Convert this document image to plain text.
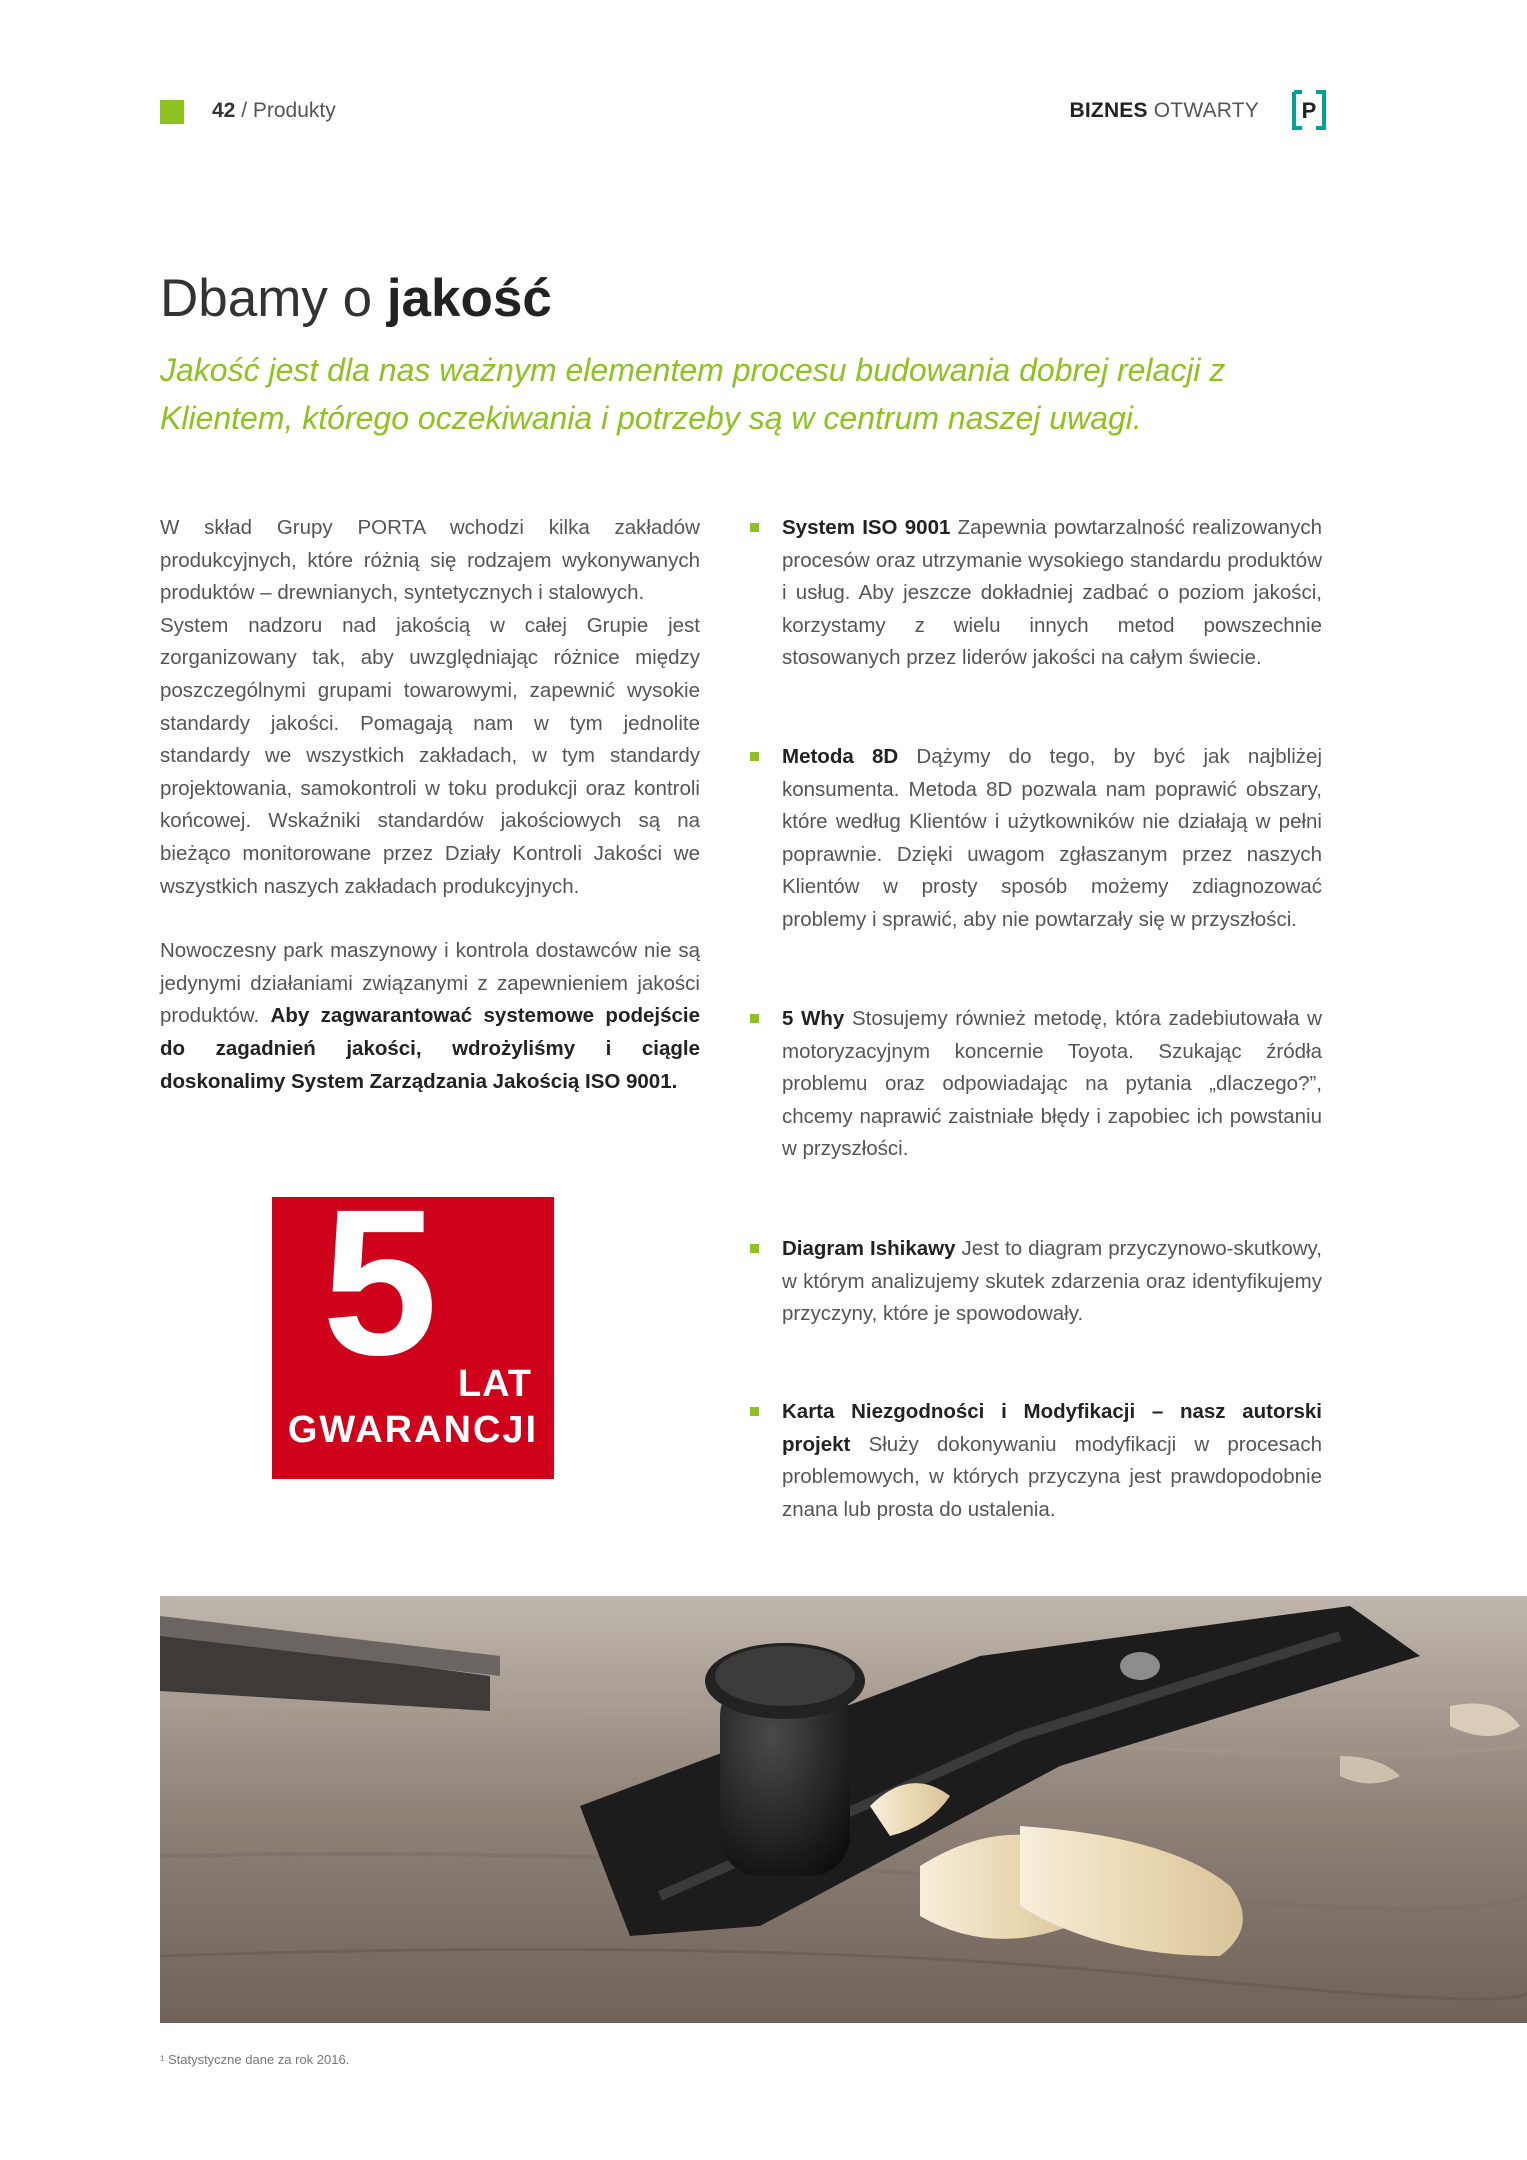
42 / Produkty	BIZNES OTWARTY P
Dbamy o jakość
Jakość jest dla nas ważnym elementem procesu budowania dobrej relacji z Klientem, którego oczekiwania i potrzeby są w centrum naszej uwagi.

W skład Grupy PORTA wchodzi kilka zakładów produkcyjnych, które różnią się rodzajem wykonywanych produktów – drewnianych, syntetycznych i stalowych.

System nadzoru nad jakością w całej Grupie jest zorganizowany tak, aby uwzględniając różnice między poszczególnymi grupami towarowymi, zapewnić wysokie standardy jakości. Pomagają nam w tym jednolite standardy we wszystkich zakładach, w tym standardy projektowania, samokontroli w toku produkcji oraz kontroli końcowej. Wskaźniki standardów jakościowych są na bieżąco monitorowane przez Działy Kontroli Jakości we wszystkich naszych zakładach produkcyjnych.

Nowoczesny park maszynowy i kontrola dostawców nie są jedynymi działaniami związanymi z zapewnieniem jakości produktów. Aby zagwarantować systemowe podejście do zagadnień jakości, wdrożyliśmy i ciągle doskonalimy System Zarządzania Jakością ISO 9001.

5 LAT
GWARANCJI
System ISO 9001 Zapewnia powtarzalność realizowanych procesów oraz utrzymanie wysokiego standardu produktów i usług. Aby jeszcze dokładniej zadbać o poziom jakości, korzystamy z wielu innych metod powszechnie stosowanych przez liderów jakości na całym świecie.
Metoda 8D Dążymy do tego, by być jak najbliżej konsumenta. Metoda 8D pozwala nam poprawić obszary, które według Klientów i użytkowników nie działają w pełni poprawnie. Dzięki uwagom zgłaszanym przez naszych Klientów w prosty sposób możemy zdiagnozować problemy i sprawić, aby nie powtarzały się w przyszłości.
5 Why Stosujemy również metodę, która zadebiutowała w motoryzacyjnym koncernie Toyota. Szukając źródła problemu oraz odpowiadając na pytania „dlaczego?”, chcemy naprawić zaistniałe błędy i zapobiec ich powstaniu w przyszłości.
Diagram Ishikawy Jest to diagram przyczynowo-skutkowy, w którym analizujemy skutek zdarzenia oraz identyfikujemy przyczyny, które je spowodowały.
Karta Niezgodności i Modyfikacji – nasz autorski projekt Służy dokonywaniu modyfikacji w procesach problemowych, w których przyczyna jest prawdopodobnie znana lub prosta do ustalenia.
¹ Statystyczne dane za rok 2016.
